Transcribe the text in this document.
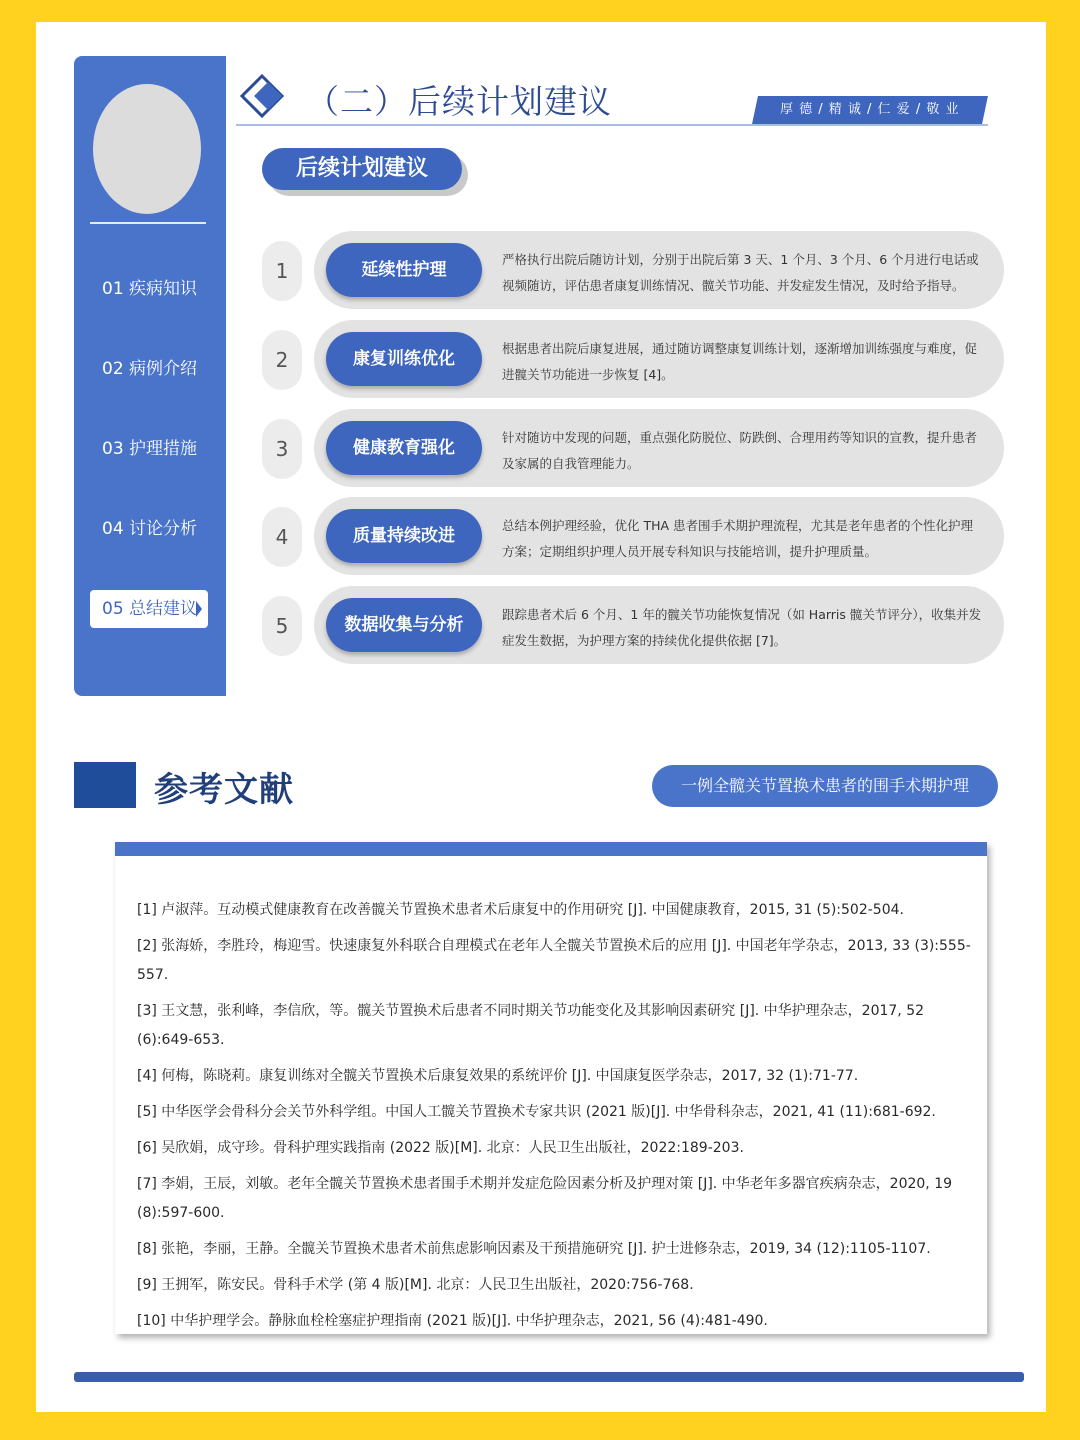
01 疾病知识
02 病例介绍
03 护理措施
04 讨论分析
05 总结建议
（二）后续计划建议	厚 德 / 精 诚 / 仁 爱 / 敬 业
后续计划建议
1	延续性护理
严格执行出院后随访计划，分别于出院后第 3 天、1 个月、3 个月、6 个月进行电话或视频随访，评估患者康复训练情况、髋关节功能、并发症发生情况，及时给予指导。
2	康复训练优化
根据患者出院后康复进展，通过随访调整康复训练计划，逐渐增加训练强度与难度，促进髋关节功能进一步恢复 [4]。
3	健康教育强化
针对随访中发现的问题，重点强化防脱位、防跌倒、合理用药等知识的宣教，提升患者及家属的自我管理能力。
4	质量持续改进
总结本例护理经验，优化 THA 患者围手术期护理流程，尤其是老年患者的个性化护理方案；定期组织护理人员开展专科知识与技能培训，提升护理质量。
5	数据收集与分析
跟踪患者术后 6 个月、1 年的髋关节功能恢复情况（如 Harris 髋关节评分），收集并发症发生数据，为护理方案的持续优化提供依据 [7]。
参考文献	一例全髋关节置换术患者的围手术期护理
[1] 卢淑萍。互动模式健康教育在改善髋关节置换术患者术后康复中的作用研究 [J]. 中国健康教育，2015, 31 (5):502-504.
[2] 张海娇，李胜玲，梅迎雪。快速康复外科联合自理模式在老年人全髋关节置换术后的应用 [J]. 中国老年学杂志，2013, 33 (3):555-557.
[3] 王文慧，张利峰，李信欣，等。髋关节置换术后患者不同时期关节功能变化及其影响因素研究 [J]. 中华护理杂志，2017, 52 (6):649-653.
[4] 何梅，陈晓莉。康复训练对全髋关节置换术后康复效果的系统评价 [J]. 中国康复医学杂志，2017, 32 (1):71-77.
[5] 中华医学会骨科分会关节外科学组。中国人工髋关节置换术专家共识 (2021 版)[J]. 中华骨科杂志，2021, 41 (11):681-692.
[6] 吴欣娟，成守珍。骨科护理实践指南 (2022 版)[M]. 北京：人民卫生出版社，2022:189-203.
[7] 李娟，王辰，刘敏。老年全髋关节置换术患者围手术期并发症危险因素分析及护理对策 [J]. 中华老年多器官疾病杂志，2020, 19 (8):597-600.
[8] 张艳，李丽，王静。全髋关节置换术患者术前焦虑影响因素及干预措施研究 [J]. 护士进修杂志，2019, 34 (12):1105-1107.
[9] 王拥军，陈安民。骨科手术学 (第 4 版)[M]. 北京：人民卫生出版社，2020:756-768.
[10] 中华护理学会。静脉血栓栓塞症护理指南 (2021 版)[J]. 中华护理杂志，2021, 56 (4):481-490.
